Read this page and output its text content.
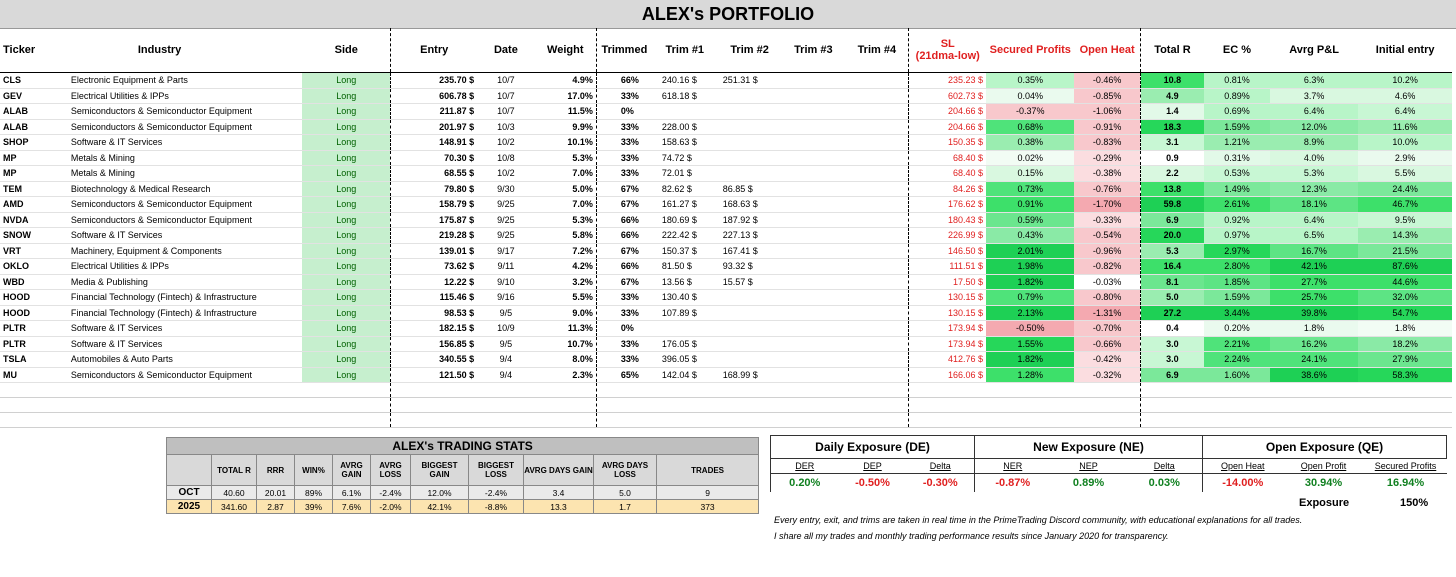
ALEX's PORTFOLIO
Ticker	Industry	Side	Entry	Date	Weight	Trimmed	Trim #1	Trim #2	Trim #3	Trim #4	SL
(21dma-low)	Secured Profits	Open Heat	Total R	EC %	Avrg P&L	Initial entry
CLS	Electronic Equipment & Parts	Long	235.70 $	10/7	4.9%	66%	240.16 $	251.31 $			235.23 $	0.35%	-0.46%	10.8	0.81%	6.3%	10.2%
GEV	Electrical Utilities & IPPs	Long	606.78 $	10/7	17.0%	33%	618.18 $				602.73 $	0.04%	-0.85%	4.9	0.89%	3.7%	4.6%
ALAB	Semiconductors & Semiconductor Equipment	Long	211.87 $	10/7	11.5%	0%					204.66 $	-0.37%	-1.06%	1.4	0.69%	6.4%	6.4%
ALAB	Semiconductors & Semiconductor Equipment	Long	201.97 $	10/3	9.9%	33%	228.00 $				204.66 $	0.68%	-0.91%	18.3	1.59%	12.0%	11.6%
SHOP	Software & IT Services	Long	148.91 $	10/2	10.1%	33%	158.63 $				150.35 $	0.38%	-0.83%	3.1	1.21%	8.9%	10.0%
MP	Metals & Mining	Long	70.30 $	10/8	5.3%	33%	74.72 $				68.40 $	0.02%	-0.29%	0.9	0.31%	4.0%	2.9%
MP	Metals & Mining	Long	68.55 $	10/2	7.0%	33%	72.01 $				68.40 $	0.15%	-0.38%	2.2	0.53%	5.3%	5.5%
TEM	Biotechnology & Medical Research	Long	79.80 $	9/30	5.0%	67%	82.62 $	86.85 $			84.26 $	0.73%	-0.76%	13.8	1.49%	12.3%	24.4%
AMD	Semiconductors & Semiconductor Equipment	Long	158.79 $	9/25	7.0%	67%	161.27 $	168.63 $			176.62 $	0.91%	-1.70%	59.8	2.61%	18.1%	46.7%
NVDA	Semiconductors & Semiconductor Equipment	Long	175.87 $	9/25	5.3%	66%	180.69 $	187.92 $			180.43 $	0.59%	-0.33%	6.9	0.92%	6.4%	9.5%
SNOW	Software & IT Services	Long	219.28 $	9/25	5.8%	66%	222.42 $	227.13 $			226.99 $	0.43%	-0.54%	20.0	0.97%	6.5%	14.3%
VRT	Machinery, Equipment & Components	Long	139.01 $	9/17	7.2%	67%	150.37 $	167.41 $			146.50 $	2.01%	-0.96%	5.3	2.97%	16.7%	21.5%
OKLO	Electrical Utilities & IPPs	Long	73.62 $	9/11	4.2%	66%	81.50 $	93.32 $			111.51 $	1.98%	-0.82%	16.4	2.80%	42.1%	87.6%
WBD	Media & Publishing	Long	12.22 $	9/10	3.2%	67%	13.56 $	15.57 $			17.50 $	1.82%	-0.03%	8.1	1.85%	27.7%	44.6%
HOOD	Financial Technology (Fintech) & Infrastructure	Long	115.46 $	9/16	5.5%	33%	130.40 $				130.15 $	0.79%	-0.80%	5.0	1.59%	25.7%	32.0%
HOOD	Financial Technology (Fintech) & Infrastructure	Long	98.53 $	9/5	9.0%	33%	107.89 $				130.15 $	2.13%	-1.31%	27.2	3.44%	39.8%	54.7%
PLTR	Software & IT Services	Long	182.15 $	10/9	11.3%	0%					173.94 $	-0.50%	-0.70%	0.4	0.20%	1.8%	1.8%
PLTR	Software & IT Services	Long	156.85 $	9/5	10.7%	33%	176.05 $				173.94 $	1.55%	-0.66%	3.0	2.21%	16.2%	18.2%
TSLA	Automobiles & Auto Parts	Long	340.55 $	9/4	8.0%	33%	396.05 $				412.76 $	1.82%	-0.42%	3.0	2.24%	24.1%	27.9%
MU	Semiconductors & Semiconductor Equipment	Long	121.50 $	9/4	2.3%	65%	142.04 $	168.99 $			166.06 $	1.28%	-0.32%	6.9	1.60%	38.6%	58.3%

ALEX's TRADING STATS										
	TOTAL R	RRR	WIN%	AVRG GAIN	AVRG LOSS	BIGGEST GAIN	BIGGEST LOSS	AVRG DAYS GAIN	AVRG DAYS LOSS	TRADES
OCT	40.60	20.01	89%	6.1%	-2.4%	12.0%	-2.4%	3.4	5.0	9
2025	341.60	2.87	39%	7.6%	-2.0%	42.1%	-8.8%	13.3	1.7	373
Daily Exposure (DE)			New Exposure (NE)			Open Exposure (QE)		
DER	DEP	Delta	NER	NEP	Delta	Open Heat	Open Profit	Secured Profits
0.20%	-0.50%	-0.30%	-0.87%	0.89%	0.03%	-14.00%	30.94%	16.94%
Exposure	150%
Every entry, exit, and trims are taken in real time in the PrimeTrading Discord community, with educational explanations for all trades.
I share all my trades and monthly trading performance results since January 2020 for transparency.
